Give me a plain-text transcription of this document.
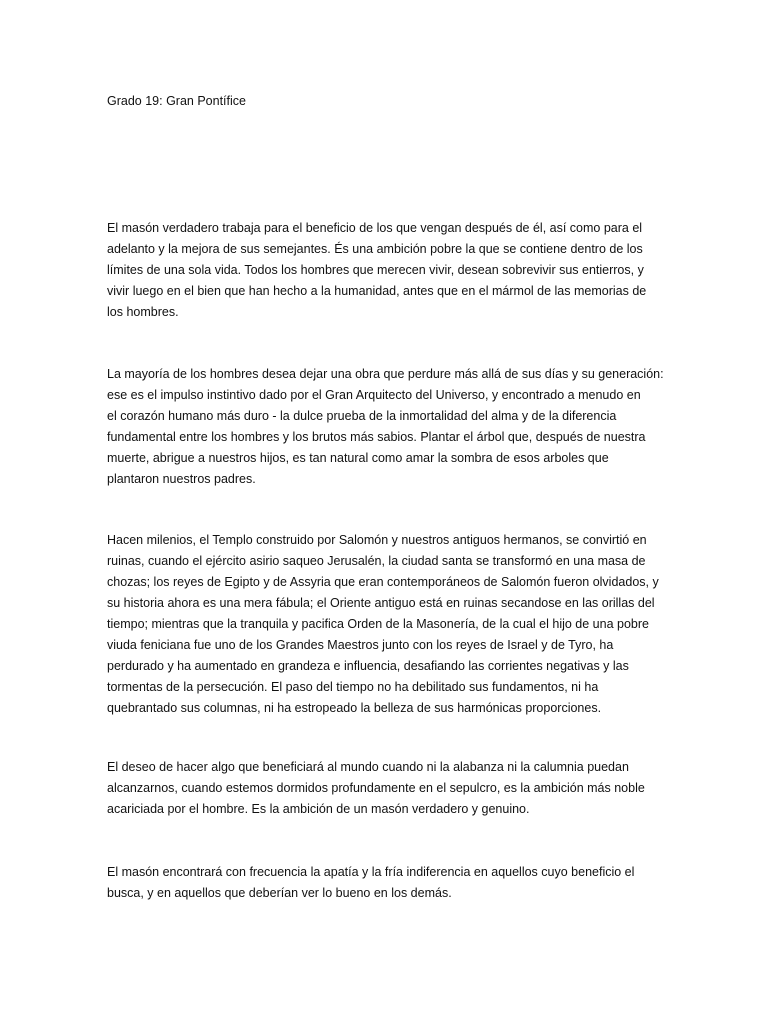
Grado 19: Gran Pontífice

El masón verdadero trabaja para el beneficio de los que vengan después de él, así como para el
adelanto y la mejora de sus semejantes. És una ambición pobre la que se contiene dentro de los
límites de una sola vida. Todos los hombres que merecen vivir, desean sobrevivir sus entierros, y
vivir luego en el bien que han hecho a la humanidad, antes que en el mármol de las memorias de
los hombres.

La mayoría de los hombres desea dejar una obra que perdure más allá de sus días y su generación:
ese es el impulso instintivo dado por el Gran Arquitecto del Universo, y encontrado a menudo en
el corazón humano más duro - la dulce prueba de la inmortalidad del alma y de la diferencia
fundamental entre los hombres y los brutos más sabios. Plantar el árbol que, después de nuestra
muerte, abrigue a nuestros hijos, es tan natural como amar la sombra de esos arboles que
plantaron nuestros padres.

Hacen milenios, el Templo construido por Salomón y nuestros antiguos hermanos, se convirtió en
ruinas, cuando el ejército asirio saqueo Jerusalén, la ciudad santa se transformó en una masa de
chozas; los reyes de Egipto y de Assyria que eran contemporáneos de Salomón fueron olvidados, y
su historia ahora es una mera fábula; el Oriente antiguo está en ruinas secandose en las orillas del
tiempo; mientras que la tranquila y pacifica Orden de la Masonería, de la cual el hijo de una pobre
viuda feniciana fue uno de los Grandes Maestros junto con los reyes de Israel y de Tyro, ha
perdurado y ha aumentado en grandeza e influencia, desafiando las corrientes negativas y las
tormentas de la persecución. El paso del tiempo no ha debilitado sus fundamentos, ni ha
quebrantado sus columnas, ni ha estropeado la belleza de sus harmónicas proporciones.

El deseo de hacer algo que beneficiará al mundo cuando ni la alabanza ni la calumnia puedan
alcanzarnos, cuando estemos dormidos profundamente en el sepulcro, es la ambición más noble
acariciada por el hombre. Es la ambición de un masón verdadero y genuino.

El masón encontrará con frecuencia la apatía y la fría indiferencia en aquellos cuyo beneficio el
busca, y en aquellos que deberían ver lo bueno en los demás.
